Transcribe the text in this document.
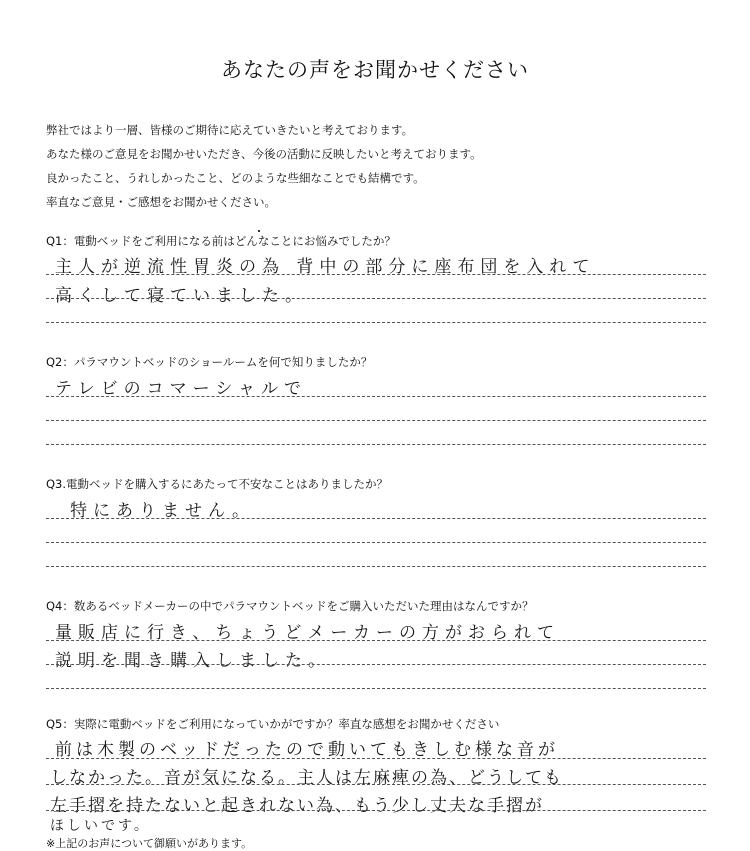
あなたの声をお聞かせください
弊社ではより一層、皆様のご期待に応えていきたいと考えております。
あなた様のご意見をお聞かせいただき、今後の活動に反映したいと考えております。
良かったこと、うれしかったこと、どのような些細なことでも結構です。
率直なご意見・ご感想をお聞かせください。
Q1：電動ベッドをご利用になる前はどんなことにお悩みでしたか？
主人が逆流性胃炎の為 背中の部分に座布団を入れて
高くして寝ていました。
Q2：パラマウントベッドのショールームを何で知りましたか？
テレビのコマーシャルで
Q3.電動ベッドを購入するにあたって不安なことはありましたか？
特にありません。
Q4：数あるベッドメーカーの中でパラマウントベッドをご購入いただいた理由はなんですか？
量販店に行き、ちょうどメーカーの方がおられて
説明を聞き購入しました。
Q5：実際に電動ベッドをご利用になっていかがですか？率直な感想をお聞かせください
前は木製のベッドだったので動いてもきしむ様な音が
しなかった。音が気になる。主人は左麻痺の為、どうしても
左手摺を持たないと起きれない為、もう少し丈夫な手摺が
ほしいです。
※上記のお声について御願いがあります。
